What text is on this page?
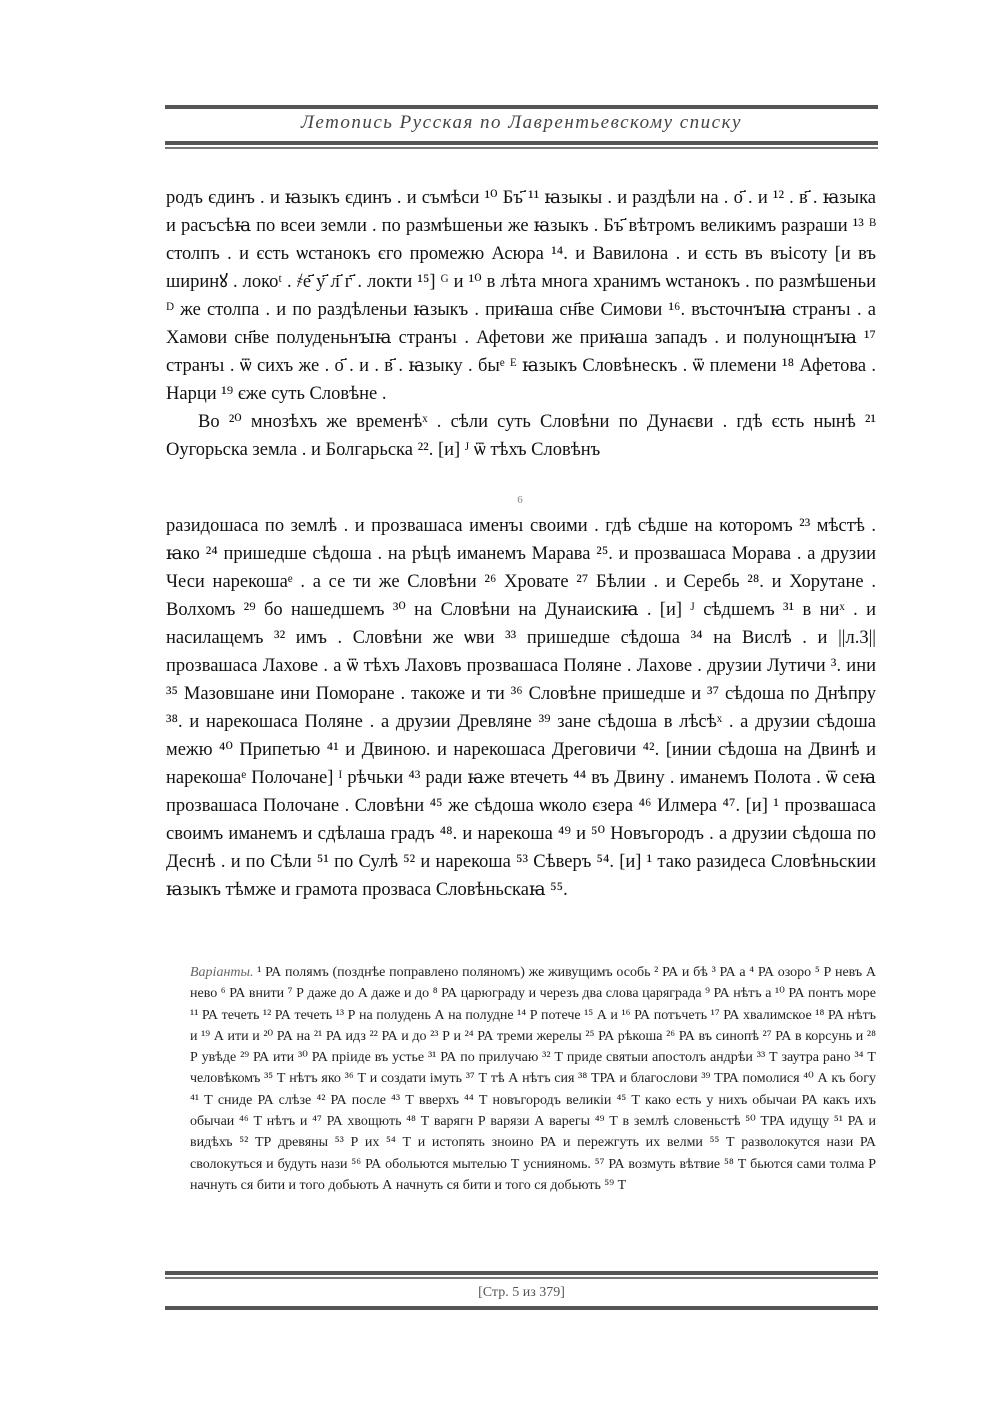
Летопись Русская по Лаврентьевскому списку

родъ єдинъ . и ꙗзыкъ єдинъ . и съмѣси ¹⁰ Бъ҃ ¹¹ ꙗзыкы . и раздѣли на . о҃ . и ¹² . в҃ . ꙗзыка и расъсѣꙗ по всеи земли . по размѣшеньи же ꙗзыкъ . Бъ҃ вѣтромъ великимъ разраши ¹³ ᴮ столпъ . и єсть ѡстанокъ єго промежю Асюра ¹⁴. и Вавилона . и єсть въ въісоту [и въ ширинꙋ . локоᵗ . ҂е҃ у҃ л҃ г҃ . локти ¹⁵] ᴳ и ¹⁰ в лѣта многа хранимъ ѡстанокъ . по размѣшеньи ᴰ же столпа . и по раздѣленьи ꙗзыкъ . приꙗша сн҃ве Симови ¹⁶. въсточнꙑꙗ странъı . а Хамови сн҃ве полуденьнꙑꙗ странъı . Афетови же приꙗша западъ . и полунощнꙑꙗ ¹⁷ странъı . ѿ сихъ же . о҃ . и . в҃ . ꙗзыку . быᵉ ᴱ ꙗзыкъ Словѣнескъ . ѿ племени ¹⁸ Афетова . Нарци ¹⁹ єже суть Словѣне .

Во ²⁰ мнозѣхъ же временѣˣ . сѣли суть Словѣни по Дунаєви . гдѣ єсть нынѣ ²¹ Оугорьска земла . и Болгарьска ²². [и] ᴶ ѿ тѣхъ Словѣнъ

6

разидошаса по землѣ . и прозвашаса именъı своими . гдѣ сѣдше на которомъ ²³ мѣстѣ . ꙗко ²⁴ пришедше сѣдоша . на рѣцѣ иманемъ Марава ²⁵. и прозвашаса Морава . а друзии Чеси нарекошаᵉ . а се ти же Словѣни ²⁶ Хровате ²⁷ Бѣлии . и Серебь ²⁸. и Хорутане . Волхомъ ²⁹ бо нашедшемъ ³⁰ на Словѣни на Дунаискиꙗ . [и] ᴶ сѣдшемъ ³¹ в ниˣ . и насилащемъ ³² имъ . Словѣни же ѡви ³³ пришедше сѣдоша ³⁴ на Вислѣ . и ||л.3|| прозвашаса Лахове . а ѿ тѣхъ Лаховъ прозвашаса Поляне . Лахове . друзии Лутичи ³. ини ³⁵ Мазовшане ини Поморане . такоже и ти ³⁶ Словѣне пришедше и ³⁷ сѣдоша по Днѣпру ³⁸. и нарекошаса Поляне . а друзии Древляне ³⁹ зане сѣдоша в лѣсѣˣ . а друзии сѣдоша межю ⁴⁰ Припетью ⁴¹ и Двиною. и нарекошаса Дреговичи ⁴². [инии сѣдоша на Двинѣ и нарекошаᵉ Полочане] ᴵ рѣчьки ⁴³ ради ꙗже втечеть ⁴⁴ въ Двину . иманемъ Полота . ѿ сеꙗ прозвашаса Полочане . Словѣни ⁴⁵ же сѣдоша ѡколо єзера ⁴⁶ Илмера ⁴⁷. [и] ¹ прозвашаса своимъ иманемъ и сдѣлаша градъ ⁴⁸. и нарекоша ⁴⁹ и ⁵⁰ Новъгородъ . а друзии сѣдоша по Деснѣ . и по Сѣли ⁵¹ по Сулѣ ⁵² и нарекоша ⁵³ Сѣверъ ⁵⁴. [и] ¹ тако разидеса Словѣньскии ꙗзыкъ тѣмже и грамота прозваса Словѣньскаꙗ ⁵⁵.

Варіанты. ¹ РА полямъ (позднѣе поправлено поляномъ) же живущимъ особь ² РА и бѣ ³ РА а ⁴ РА озоро ⁵ Р невъ А нево ⁶ РА внити ⁷ Р даже до А даже и до ⁸ РА царюграду и черезъ два слова царяграда ⁹ РА нѣтъ а ¹⁰ РА понтъ море ¹¹ РА течеть ¹² РА течеть ¹³ Р на полудень А на полудне ¹⁴ Р потече ¹⁵ А и ¹⁶ РА потъчеть ¹⁷ РА хвалимское ¹⁸ РА нѣтъ и ¹⁹ А ити и ²⁰ РА на ²¹ РА идз ²² РА и до ²³ Р и ²⁴ РА треми жерелы ²⁵ РА рѣкоша ²⁶ РА въ синопѣ ²⁷ РА в корсунь и ²⁸ Р увѣде ²⁹ РА ити ³⁰ РА прiиде въ устье ³¹ РА по прилучаю ³² Т приде святыи апостолъ андрѣи ³³ Т заутра рано ³⁴ Т человѣкомъ ³⁵ Т нѣтъ яко ³⁶ Т и создати iмуть ³⁷ Т тѣ А нѣтъ сия ³⁸ ТРА и благослови ³⁹ ТРА помолися ⁴⁰ А къ богу ⁴¹ Т сниде РА слѣзе ⁴² РА после ⁴³ Т вверхъ ⁴⁴ Т новъгородъ великiи ⁴⁵ Т како есть у нихъ обычаи РА какъ ихъ обычаи ⁴⁶ Т нѣтъ и ⁴⁷ РА хвощють ⁴⁸ Т варягн Р варязи А варегы ⁴⁹ Т в землѣ словеньстѣ ⁵⁰ ТРА идущу ⁵¹ РА и видѣхъ ⁵² ТР древяны ⁵³ Р их ⁵⁴ Т и истопять зноино РА и пережгуть их велми ⁵⁵ Т разволокутся нази РА сволокуться и будуть нази ⁵⁶ РА обольются мытелью Т уснияномь. ⁵⁷ РА возмуть вѣтвие ⁵⁸ Т бьются сами толма Р начнуть ся бити и того добьють А начнуть ся бити и того ся добьють ⁵⁹ Т
[Стр. 5 из 379]
